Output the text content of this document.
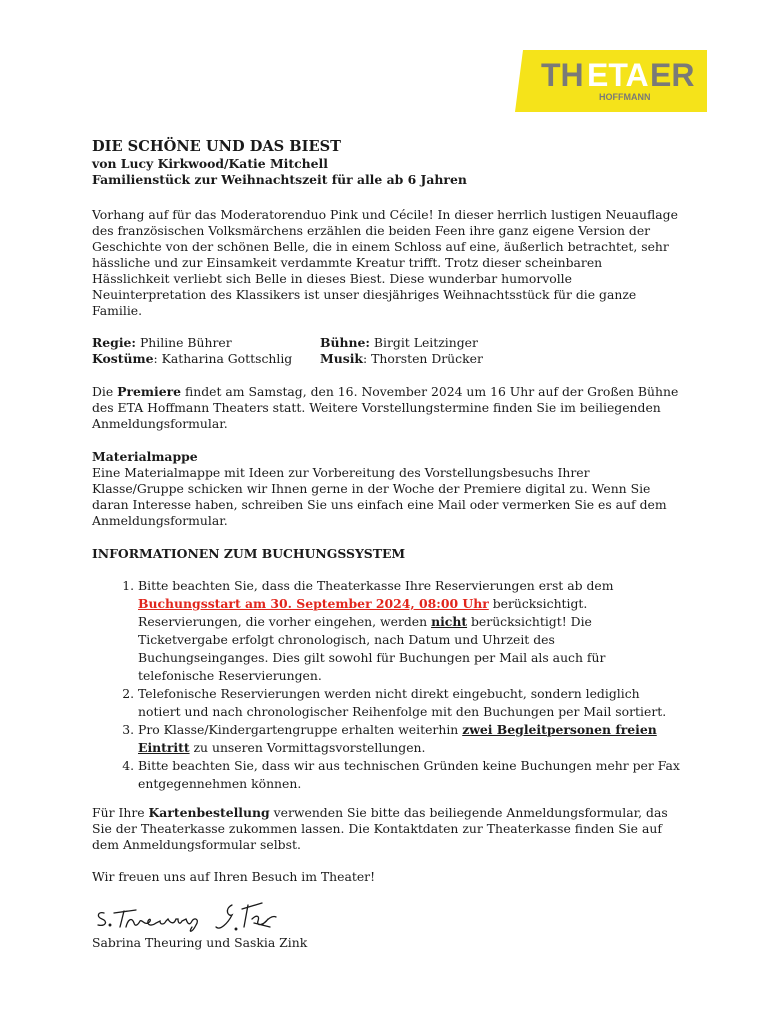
TH ETA ER
HOFFMANN
DIE SCHÖNE UND DAS BIEST

von Lucy Kirkwood/Katie Mitchell

Familienstück zur Weihnachtszeit für alle ab 6 Jahren

Vorhang auf für das Moderatorenduo Pink und Cécile! In dieser herrlich lustigen Neuauflage des französischen Volksmärchens erzählen die beiden Feen ihre ganz eigene Version der Geschichte von der schönen Belle, die in einem Schloss auf eine, äußerlich betrachtet, sehr hässliche und zur Einsamkeit verdammte Kreatur trifft. Trotz dieser scheinbaren Hässlichkeit verliebt sich Belle in dieses Biest. Diese wunderbar humorvolle Neuinterpretation des Klassikers ist unser diesjähriges Weihnachtsstück für die ganze Familie.

Regie: Philine Bührer

Kostüme: Katharina Gottschlig

Bühne: Birgit Leitzinger

Musik: Thorsten Drücker

Die Premiere findet am Samstag, den 16. November 2024 um 16 Uhr auf der Großen Bühne des ETA Hoffmann Theaters statt. Weitere Vorstellungstermine finden Sie im beiliegenden Anmeldungsformular.

Materialmappe

Eine Materialmappe mit Ideen zur Vorbereitung des Vorstellungsbesuchs Ihrer Klasse/Gruppe schicken wir Ihnen gerne in der Woche der Premiere digital zu. Wenn Sie daran Interesse haben, schreiben Sie uns einfach eine Mail oder vermerken Sie es auf dem Anmeldungsformular.

INFORMATIONEN ZUM BUCHUNGSSYSTEM

1. Bitte beachten Sie, dass die Theaterkasse Ihre Reservierungen erst ab dem Buchungsstart am 30. September 2024, 08:00 Uhr berücksichtigt. Reservierungen, die vorher eingehen, werden nicht berücksichtigt! Die Ticketvergabe erfolgt chronologisch, nach Datum und Uhrzeit des Buchungseinganges. Dies gilt sowohl für Buchungen per Mail als auch für telefonische Reservierungen.
2. Telefonische Reservierungen werden nicht direkt eingebucht, sondern lediglich notiert und nach chronologischer Reihenfolge mit den Buchungen per Mail sortiert.
3. Pro Klasse/Kindergartengruppe erhalten weiterhin zwei Begleitpersonen freien Eintritt zu unseren Vormittagsvorstellungen.
4. Bitte beachten Sie, dass wir aus technischen Gründen keine Buchungen mehr per Fax entgegennehmen können.

Für Ihre Kartenbestellung verwenden Sie bitte das beiliegende Anmeldungsformular, das Sie der Theaterkasse zukommen lassen. Die Kontaktdaten zur Theaterkasse finden Sie auf dem Anmeldungsformular selbst.

Wir freuen uns auf Ihren Besuch im Theater!

Sabrina Theuring und Saskia Zink
